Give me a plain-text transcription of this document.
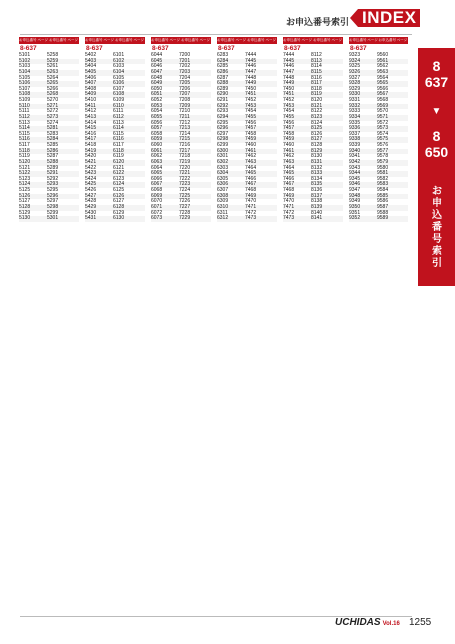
お申込番号索引 INDEX
8
637
▼
8
650
お申込番号索引
お申込番号 ページ お申込番号 ページ
8-637
5101	5258
5102	5259
5103	5261
5104	5263
5105	5264
5106	5265
5107	5266
5108	5268
5109	5270
5110	5271
5111	5272
5112	5273
5113	5274
5114	5281
5115	5283
5116	5284
5117	5285
5118	5286
5119	5287
5120	5288
5121	5289
5122	5291
5123	5292
5124	5293
5125	5295
5126	5296
5127	5297
5128	5298
5129	5299
5130	5301
お申込番号 ページ お申込番号 ページ
8-637
5402	6101
5403	6102
5404	6103
5405	6104
5406	6105
5407	6106
5408	6107
5409	6108
5410	6109
5411	6110
5412	6111
5413	6112
5414	6113
5415	6114
5416	6115
5417	6116
5418	6117
5419	6118
5420	6119
5421	6120
5422	6121
5423	6122
5424	6123
5425	6124
5426	6125
5427	6126
5428	6127
5429	6128
5430	6129
5431	6130
お申込番号 ページ お申込番号 ページ
8-637
6044	7200
6045	7201
6046	7202
6047	7203
6048	7204
6049	7205
6050	7206
6051	7207
6052	7208
6053	7209
6054	7210
6055	7211
6056	7212
6057	7213
6058	7214
6059	7215
6060	7216
6061	7217
6062	7218
6063	7219
6064	7220
6065	7221
6066	7222
6067	7223
6068	7224
6069	7225
6070	7226
6071	7227
6072	7228
6073	7229
お申込番号 ページ お申込番号 ページ
8-637
6283	7444
6284	7445
6285	7446
6286	7447
6287	7448
6288	7449
6289	7450
6290	7451
6291	7452
6292	7453
6293	7454
6294	7455
6295	7456
6296	7457
6297	7458
6298	7459
6299	7460
6300	7461
6301	7462
6302	7463
6303	7464
6304	7465
6305	7466
6306	7467
6307	7468
6308	7469
6309	7470
6310	7471
6311	7472
6312	7473
お申込番号 ページ お申込番号 ページ
8-637
7444	8112
7445	8113
7446	8114
7447	8115
7448	8116
7449	8117
7450	8118
7451	8119
7452	8120
7453	8121
7454	8122
7455	8123
7456	8124
7457	8125
7458	8126
7459	8127
7460	8128
7461	8129
7462	8130
7463	8131
7464	8132
7465	8133
7466	8134
7467	8135
7468	8136
7469	8137
7470	8138
7471	8139
7472	8140
7473	8141
お申込番号 ページ お申込番号 ページ
8-637
9323	9560
9324	9561
9325	9562
9326	9563
9327	9564
9328	9565
9329	9566
9330	9567
9331	9568
9332	9569
9333	9570
9334	9571
9335	9572
9336	9573
9337	9574
9338	9575
9339	9576
9340	9577
9341	9578
9342	9579
9343	9580
9344	9581
9345	9582
9346	9583
9347	9584
9348	9585
9349	9586
9350	9587
9351	9588
9352	9589
UCHIDAS Vol.16 1255
